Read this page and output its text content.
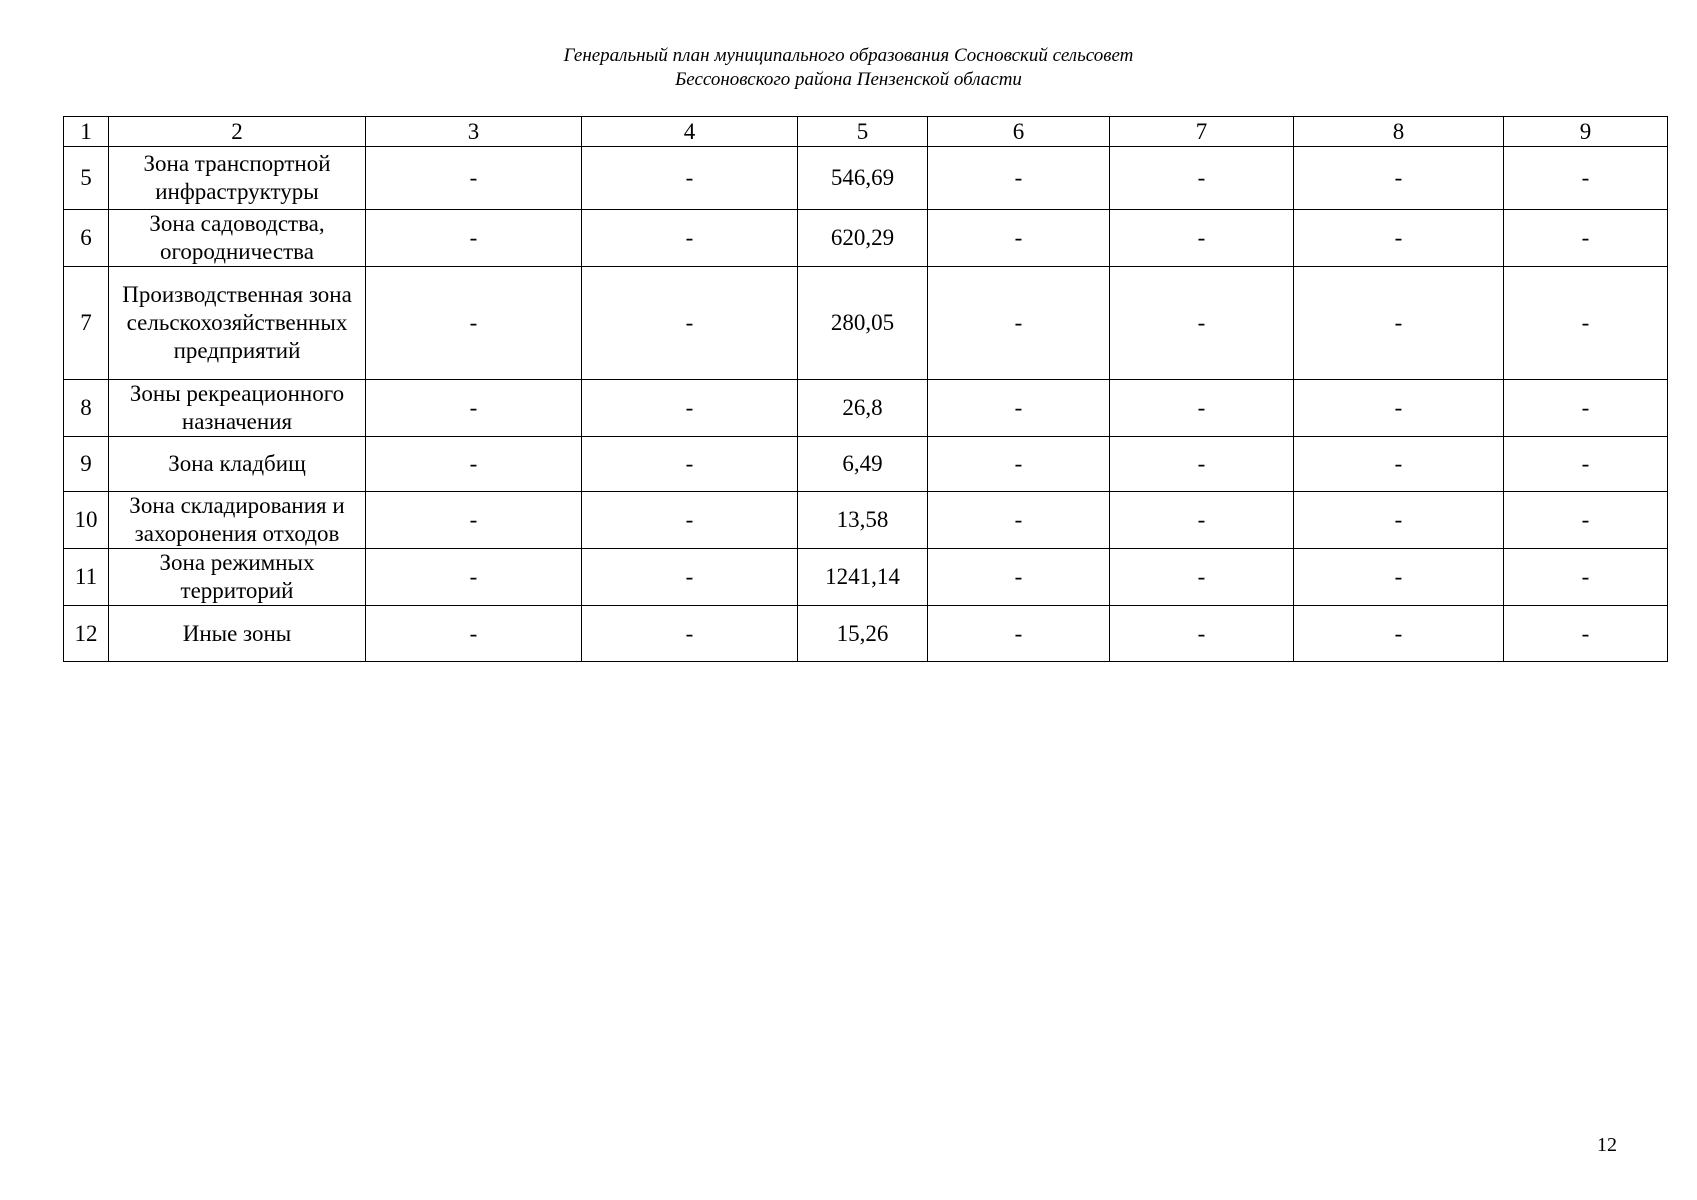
Генеральный план муниципального образования Сосновский сельсовет
Бессоновского района Пензенской области
1	2	3	4	5	6	7	8	9
5	Зона транспортной инфраструктуры	-	-	546,69	-	-	-	-
6	Зона садоводства, огородничества	-	-	620,29	-	-	-	-
7	Производственная зона сельскохозяйственных предприятий	-	-	280,05	-	-	-	-
8	Зоны рекреационного назначения	-	-	26,8	-	-	-	-
9	Зона кладбищ	-	-	6,49	-	-	-	-
10	Зона складирования и захоронения отходов	-	-	13,58	-	-	-	-
11	Зона режимных территорий	-	-	1241,14	-	-	-	-
12	Иные зоны	-	-	15,26	-	-	-	-
12
